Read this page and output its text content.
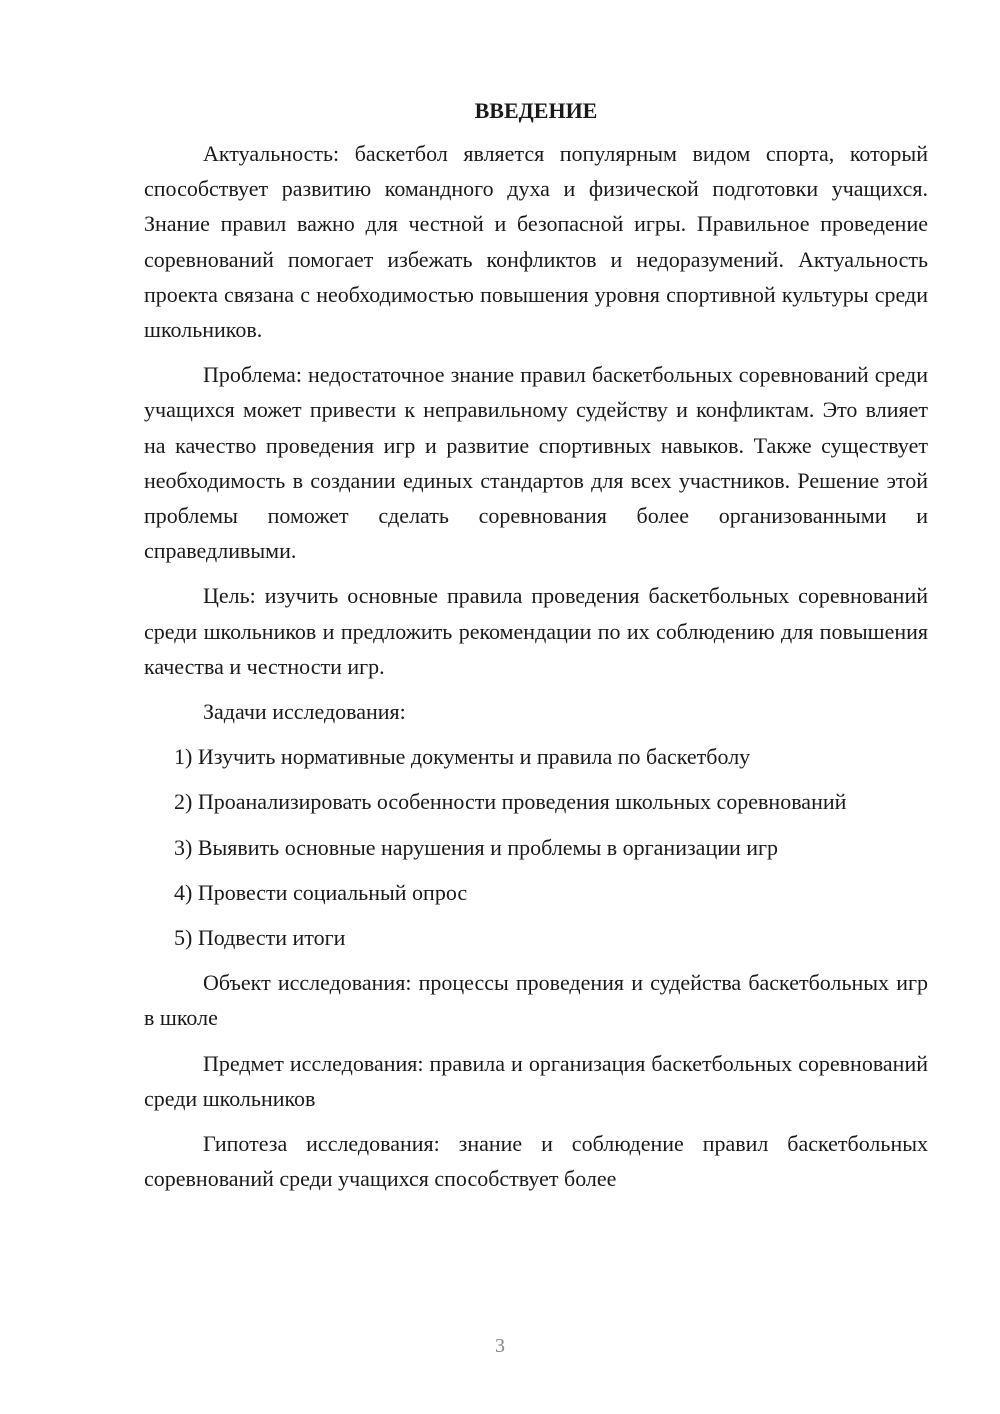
ВВЕДЕНИЕ

Актуальность: баскетбол является популярным видом спорта, который способствует развитию командного духа и физической подготовки учащихся. Знание правил важно для честной и безопасной игры. Правильное проведение соревнований помогает избежать конфликтов и недоразумений. Актуальность проекта связана с необходимостью повышения уровня спортивной культуры среди школьников.

Проблема: недостаточное знание правил баскетбольных соревнований среди учащихся может привести к неправильному судейству и конфликтам. Это влияет на качество проведения игр и развитие спортивных навыков. Также существует необходимость в создании единых стандартов для всех участников. Решение этой проблемы поможет сделать соревнования более организованными и справедливыми.

Цель: изучить основные правила проведения баскетбольных соревнований среди школьников и предложить рекомендации по их соблюдению для повышения качества и честности игр.

Задачи исследования:

1) Изучить нормативные документы и правила по баскетболу

2) Проанализировать особенности проведения школьных соревнований

3) Выявить основные нарушения и проблемы в организации игр

4) Провести социальный опрос

5) Подвести итоги

Объект исследования: процессы проведения и судейства баскетбольных игр в школе

Предмет исследования: правила и организация баскетбольных соревнований среди школьников

Гипотеза исследования: знание и соблюдение правил баскетбольных соревнований среди учащихся способствует более

3
